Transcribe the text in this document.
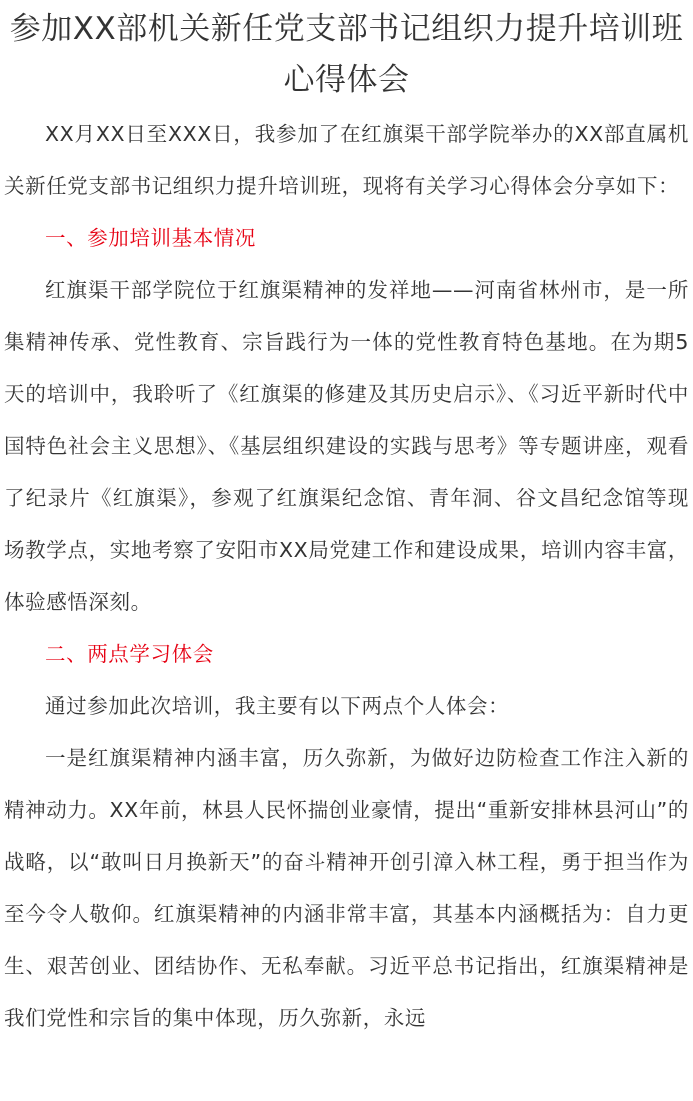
参加XX部机关新任党支部书记组织力提升培训班心得体会

XX月XX日至XXX日，我参加了在红旗渠干部学院举办的XX部直属机关新任党支部书记组织力提升培训班，现将有关学习心得体会分享如下：

一、参加培训基本情况

红旗渠干部学院位于红旗渠精神的发祥地——河南省林州市，是一所集精神传承、党性教育、宗旨践行为一体的党性教育特色基地。在为期5天的培训中，我聆听了《红旗渠的修建及其历史启示》、《习近平新时代中国特色社会主义思想》、《基层组织建设的实践与思考》等专题讲座，观看了纪录片《红旗渠》，参观了红旗渠纪念馆、青年洞、谷文昌纪念馆等现场教学点，实地考察了安阳市XX局党建工作和建设成果，培训内容丰富，体验感悟深刻。

二、两点学习体会

通过参加此次培训，我主要有以下两点个人体会：

一是红旗渠精神内涵丰富，历久弥新，为做好边防检查工作注入新的精神动力。XX年前，林县人民怀揣创业豪情，提出“重新安排林县河山”的战略，以“敢叫日月换新天”的奋斗精神开创引漳入林工程，勇于担当作为至今令人敬仰。红旗渠精神的内涵非常丰富，其基本内涵概括为：自力更生、艰苦创业、团结协作、无私奉献。习近平总书记指出，红旗渠精神是我们党性和宗旨的集中体现，历久弥新，永远
